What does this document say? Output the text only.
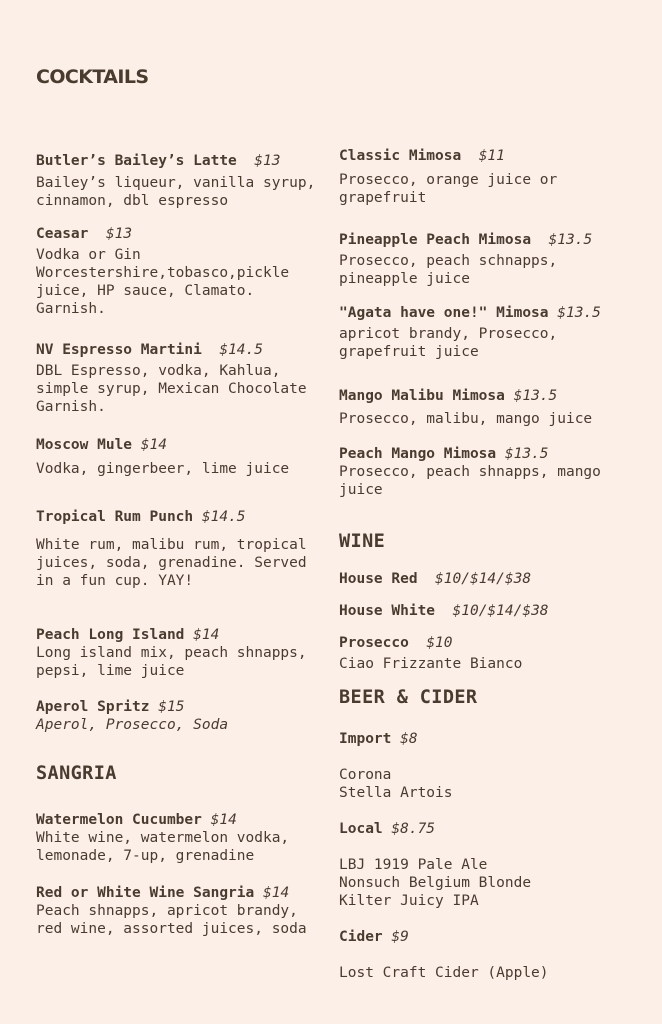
COCKTAILS
Butler’s Bailey’s Latte $13
Bailey’s liqueur, vanilla syrup, cinnamon, dbl espresso
Ceasar $13
Vodka or Gin
Worcestershire,tobasco,pickle juice, HP sauce, Clamato. Garnish.
NV Espresso Martini $14.5
DBL Espresso, vodka, Kahlua, simple syrup, Mexican Chocolate Garnish.
Moscow Mule $14
Vodka, gingerbeer, lime juice
Tropical Rum Punch $14.5
White rum, malibu rum, tropical juices, soda, grenadine. Served in a fun cup. YAY!
Peach Long Island $14
Long island mix, peach shnapps, pepsi, lime juice
Aperol Spritz $15
Aperol, Prosecco, Soda
SANGRIA
Watermelon Cucumber $14
White wine, watermelon vodka, lemonade, 7-up, grenadine
Red or White Wine Sangria $14
Peach shnapps, apricot brandy, red wine, assorted juices, soda
Classic Mimosa $11
Prosecco, orange juice or grapefruit
Pineapple Peach Mimosa $13.5
Prosecco, peach schnapps, pineapple juice
"Agata have one!" Mimosa $13.5
apricot brandy, Prosecco, grapefruit juice
Mango Malibu Mimosa $13.5
Prosecco, malibu, mango juice
Peach Mango Mimosa $13.5
Prosecco, peach shnapps, mango juice
WINE
House Red $10/$14/$38
House White $10/$14/$38
Prosecco $10
Ciao Frizzante Bianco
BEER & CIDER
Import $8
Corona
Stella Artois
Local $8.75
LBJ 1919 Pale Ale
Nonsuch Belgium Blonde
Kilter Juicy IPA
Cider $9
Lost Craft Cider (Apple)
